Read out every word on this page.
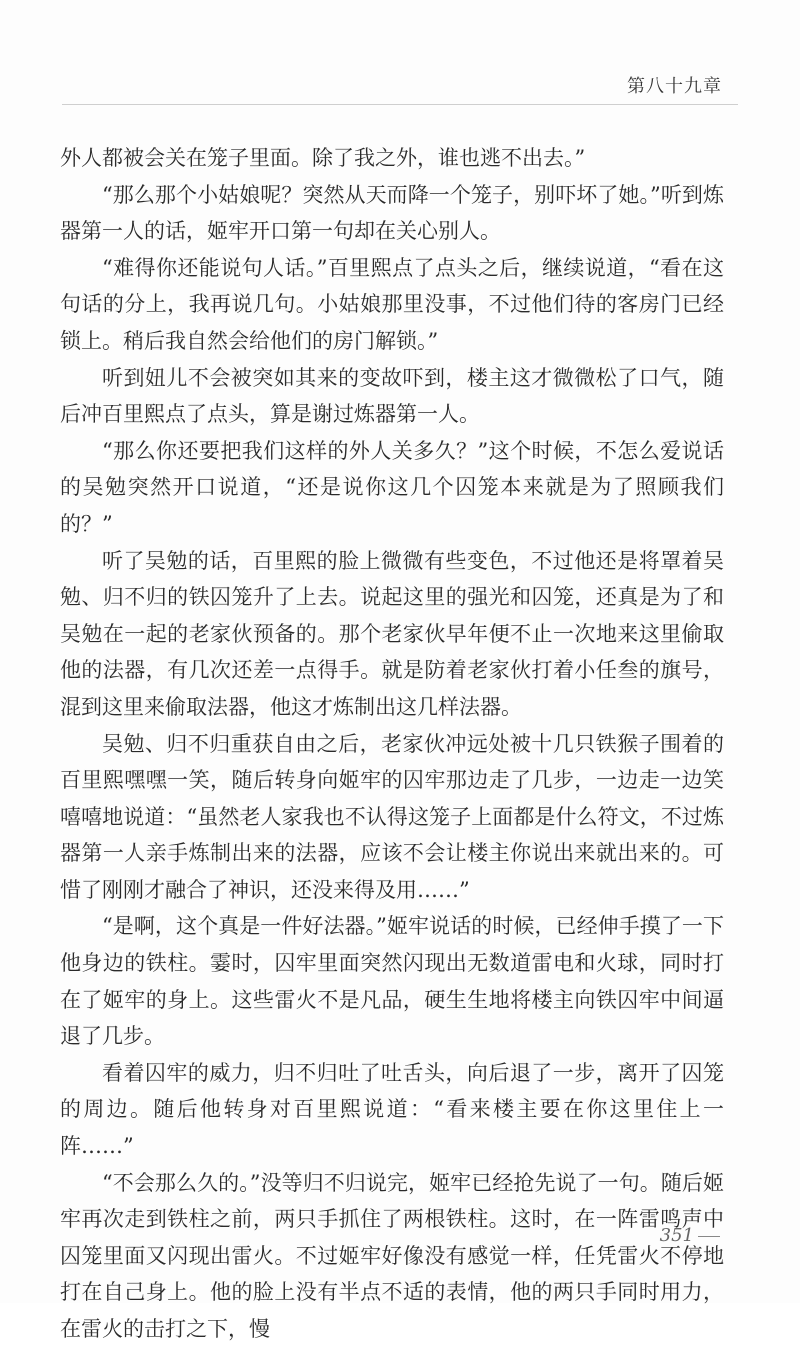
第八十九章

外人都被会关在笼子里面。除了我之外，谁也逃不出去。”

“那么那个小姑娘呢？突然从天而降一个笼子，别吓坏了她。”听到炼器第一人的话，姬牢开口第一句却在关心别人。

“难得你还能说句人话。”百里熙点了点头之后，继续说道，“看在这句话的分上，我再说几句。小姑娘那里没事，不过他们待的客房门已经锁上。稍后我自然会给他们的房门解锁。”

听到妞儿不会被突如其来的变故吓到，楼主这才微微松了口气，随后冲百里熙点了点头，算是谢过炼器第一人。

“那么你还要把我们这样的外人关多久？”这个时候，不怎么爱说话的吴勉突然开口说道，“还是说你这几个囚笼本来就是为了照顾我们的？”

听了吴勉的话，百里熙的脸上微微有些变色，不过他还是将罩着吴勉、归不归的铁囚笼升了上去。说起这里的强光和囚笼，还真是为了和吴勉在一起的老家伙预备的。那个老家伙早年便不止一次地来这里偷取他的法器，有几次还差一点得手。就是防着老家伙打着小任叁的旗号，混到这里来偷取法器，他这才炼制出这几样法器。

吴勉、归不归重获自由之后，老家伙冲远处被十几只铁猴子围着的百里熙嘿嘿一笑，随后转身向姬牢的囚牢那边走了几步，一边走一边笑嘻嘻地说道：“虽然老人家我也不认得这笼子上面都是什么符文，不过炼器第一人亲手炼制出来的法器，应该不会让楼主你说出来就出来的。可惜了刚刚才融合了神识，还没来得及用……”

“是啊，这个真是一件好法器。”姬牢说话的时候，已经伸手摸了一下他身边的铁柱。霎时，囚牢里面突然闪现出无数道雷电和火球，同时打在了姬牢的身上。这些雷火不是凡品，硬生生地将楼主向铁囚牢中间逼退了几步。

看着囚牢的威力，归不归吐了吐舌头，向后退了一步，离开了囚笼的周边。随后他转身对百里熙说道：“看来楼主要在你这里住上一阵……”

“不会那么久的。”没等归不归说完，姬牢已经抢先说了一句。随后姬牢再次走到铁柱之前，两只手抓住了两根铁柱。这时，在一阵雷鸣声中囚笼里面又闪现出雷火。不过姬牢好像没有感觉一样，任凭雷火不停地打在自己身上。他的脸上没有半点不适的表情，他的两只手同时用力，在雷火的击打之下，慢

351
